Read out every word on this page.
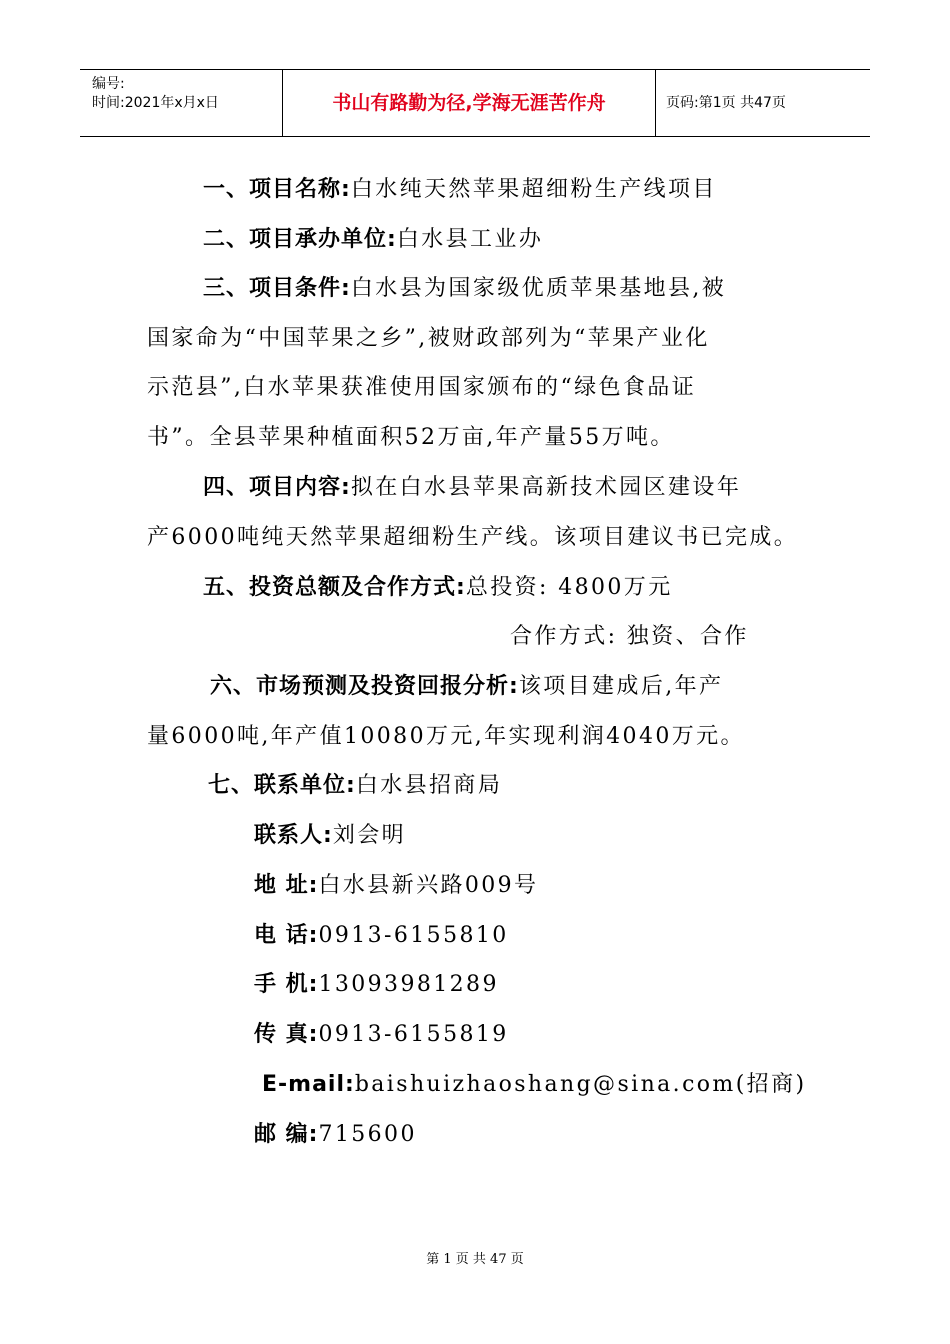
编号:
时间:2021年x月x日	书山有路勤为径,学海无涯苦作舟	页码:第1页 共47页
一、项目名称:白水纯天然苹果超细粉生产线项目
二、项目承办单位:白水县工业办
三、项目条件:白水县为国家级优质苹果基地县,被
国家命为“中国苹果之乡”,被财政部列为“苹果产业化
示范县”,白水苹果获准使用国家颁布的“绿色食品证
书”。全县苹果种植面积52万亩,年产量55万吨。
四、项目内容:拟在白水县苹果高新技术园区建设年
产6000吨纯天然苹果超细粉生产线。该项目建议书已完成。
五、投资总额及合作方式:总投资: 4800万元
合作方式: 独资、合作
六、市场预测及投资回报分析:该项目建成后,年产
量6000吨,年产值10080万元,年实现利润4040万元。
七、联系单位:白水县招商局
联系人:刘会明
地 址:白水县新兴路009号
电 话:0913-6155810
手 机:13093981289
传 真:0913-6155819
E-mail:baishuizhaoshang@sina.com(招商)
邮 编:715600
第 1 页 共 47 页
